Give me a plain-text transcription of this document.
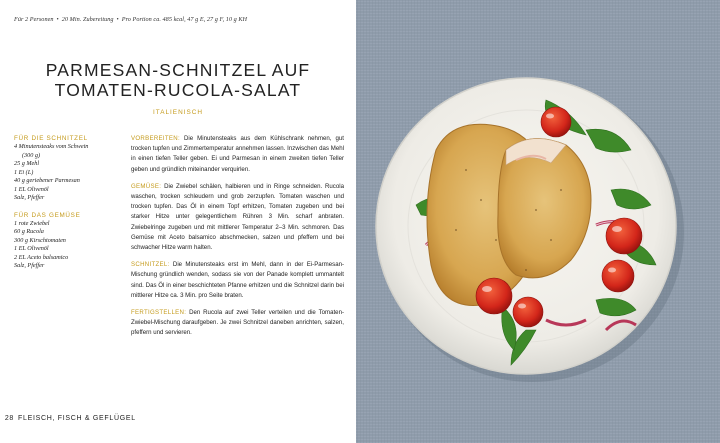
Für 2 Personen • 20 Min. Zubereitung • Pro Portion ca. 485 kcal, 47 g E, 27 g F, 10 g KH
PARMESAN-SCHNITZEL AUF
TOMATEN-RUCOLA-SALAT
ITALIENISCH
FÜR DIE SCHNITZEL
4 Minutensteaks vom Schwein
(300 g)
25 g Mehl
1 Ei (L)
40 g geriebener Parmesan
1 EL Olivenöl
Salz, Pfeffer
FÜR DAS GEMÜSE
1 rote Zwiebel
60 g Rucola
300 g Kirschtomaten
1 EL Olivenöl
2 EL Aceto balsamico
Salz, Pfeffer
VORBEREITEN: Die Minutensteaks aus dem Kühlschrank nehmen, gut trocken tupfen und Zimmertemperatur annehmen lassen. Inzwischen das Mehl in einen tiefen Teller geben. Ei und Parmesan in einem zweiten tiefen Teller geben und gründlich miteinander verquirlen.
GEMÜSE: Die Zwiebel schälen, halbieren und in Ringe schneiden. Rucola waschen, trocken schleudern und grob zerzupfen. Tomaten waschen und trocken tupfen. Das Öl in einem Topf erhitzen, Tomaten zugeben und bei starker Hitze unter gelegentlichem Rühren 3 Min. scharf anbraten. Zwiebelringe zugeben und mit mittlerer Temperatur 2–3 Min. schmoren. Das Gemüse mit Aceto balsamico abschmecken, salzen und pfeffern und bei schwacher Hitze warm halten.
SCHNITZEL: Die Minutensteaks erst im Mehl, dann in der Ei-Parmesan-Mischung gründlich wenden, sodass sie von der Panade komplett ummantelt sind. Das Öl in einer beschichteten Pfanne erhitzen und die Schnitzel darin bei mittlerer Hitze ca. 3 Min. pro Seite braten.
FERTIGSTELLEN: Den Rucola auf zwei Teller verteilen und die Tomaten-Zwiebel-Mischung daraufgeben. Je zwei Schnitzel daneben anrichten, salzen, pfeffern und servieren.
28 FLEISCH, FISCH & GEFLÜGEL
